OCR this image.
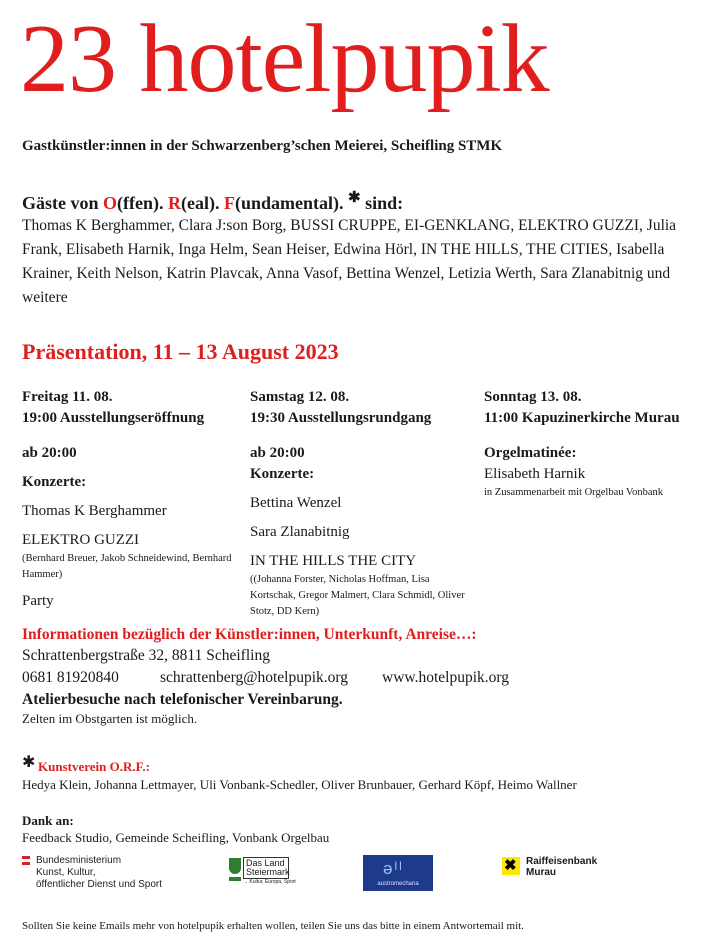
23 hotelpupik
Gastkünstler:innen in der Schwarzenberg’schen Meierei, Scheifling STMK
Gäste von O(ffen). R(eal). F(undamental). ✱ sind:
Thomas K Berghammer, Clara J:son Borg, BUSSI CRUPPE, EI-GENKLANG, ELEKTRO GUZZI, Julia Frank, Elisabeth Harnik, Inga Helm, Sean Heiser, Edwina Hörl, IN THE HILLS, THE CITIES, Isabella Krainer, Keith Nelson, Katrin Plavcak, Anna Vasof, Bettina Wenzel, Letizia Werth, Sara Zlanabitnig und weitere
Präsentation, 11 – 13 August 2023
Freitag 11. 08.
19:00 Ausstellungseröffnung
ab 20:00
Konzerte:
Thomas K Berghammer
ELEKTRO GUZZI
(Bernhard Breuer, Jakob Schneidewind, Bernhard Hammer)
Party
Samstag 12. 08.
19:30 Ausstellungsrundgang
ab 20:00
Konzerte:
Bettina Wenzel
Sara Zlanabitnig
IN THE HILLS THE CITY
((Johanna Forster, Nicholas Hoffman, Lisa Kortschak, Gregor Malmert, Clara Schmidl, Oliver Stotz, DD Kern)
Sonntag 13. 08.
11:00 Kapuzinerkirche Murau
Orgelmatinée:
Elisabeth Harnik
in Zusammenarbeit mit Orgelbau Vonbank
Informationen bezüglich der Künstler:innen, Unterkunft, Anreise…:
Schrattenbergstraße 32, 8811 Scheifling
0681 81920840	schrattenberg@hotelpupik.org www.hotelpupik.org
Atelierbesuche nach telefonischer Vereinbarung.
Zelten im Obstgarten ist möglich.
✱ Kunstverein O.R.F.:
Hedya Klein, Johanna Lettmayer, Uli Vonbank-Schedler, Oliver Brunbauer, Gerhard Köpf, Heimo Wallner
Dank an:
Feedback Studio, Gemeinde Scheifling, Vonbank Orgelbau
Bundesministerium
Kunst, Kultur,
öffentlicher Dienst und Sport
Das Land Steiermark
→ Kultur, Europa, Sport
ǝˡˡ
austromechana
✖ Raiffeisenbank
Murau
Sollten Sie keine Emails mehr von hotelpupik erhalten wollen, teilen Sie uns das bitte in einem Antwortemail mit.
